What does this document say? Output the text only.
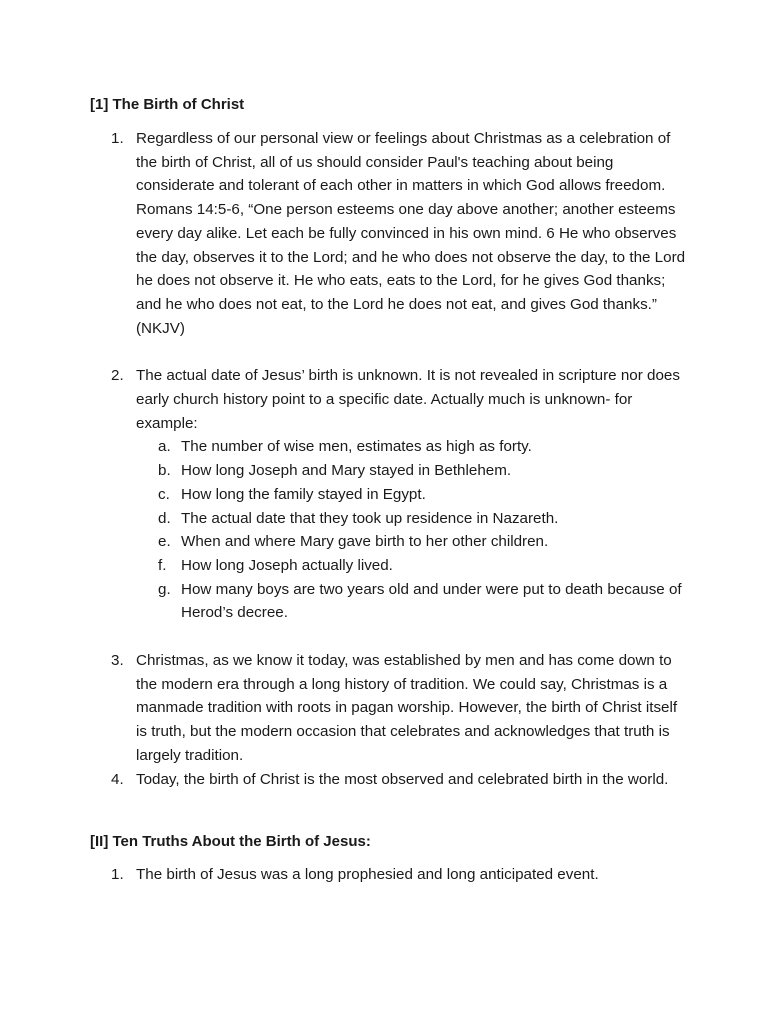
[1] The Birth of Christ
1. Regardless of our personal view or feelings about Christmas as a celebration of the birth of Christ, all of us should consider Paul's teaching about being considerate and tolerant of each other in matters in which God allows freedom. Romans 14:5-6, “One person esteems one day above another; another esteems every day alike. Let each be fully convinced in his own mind. 6 He who observes the day, observes it to the Lord; and he who does not observe the day, to the Lord he does not observe it. He who eats, eats to the Lord, for he gives God thanks; and he who does not eat, to the Lord he does not eat, and gives God thanks.” (NKJV)
2. The actual date of Jesus’ birth is unknown. It is not revealed in scripture nor does early church history point to a specific date. Actually much is unknown- for example:
a. The number of wise men, estimates as high as forty.
b. How long Joseph and Mary stayed in Bethlehem.
c. How long the family stayed in Egypt.
d. The actual date that they took up residence in Nazareth.
e. When and where Mary gave birth to her other children.
f. How long Joseph actually lived.
g. How many boys are two years old and under were put to death because of Herod’s decree.
3. Christmas, as we know it today, was established by men and has come down to the modern era through a long history of tradition. We could say, Christmas is a manmade tradition with roots in pagan worship. However, the birth of Christ itself is truth, but the modern occasion that celebrates and acknowledges that truth is largely tradition.
4. Today, the birth of Christ is the most observed and celebrated birth in the world.
[II] Ten Truths About the Birth of Jesus:
1. The birth of Jesus was a long prophesied and long anticipated event.
